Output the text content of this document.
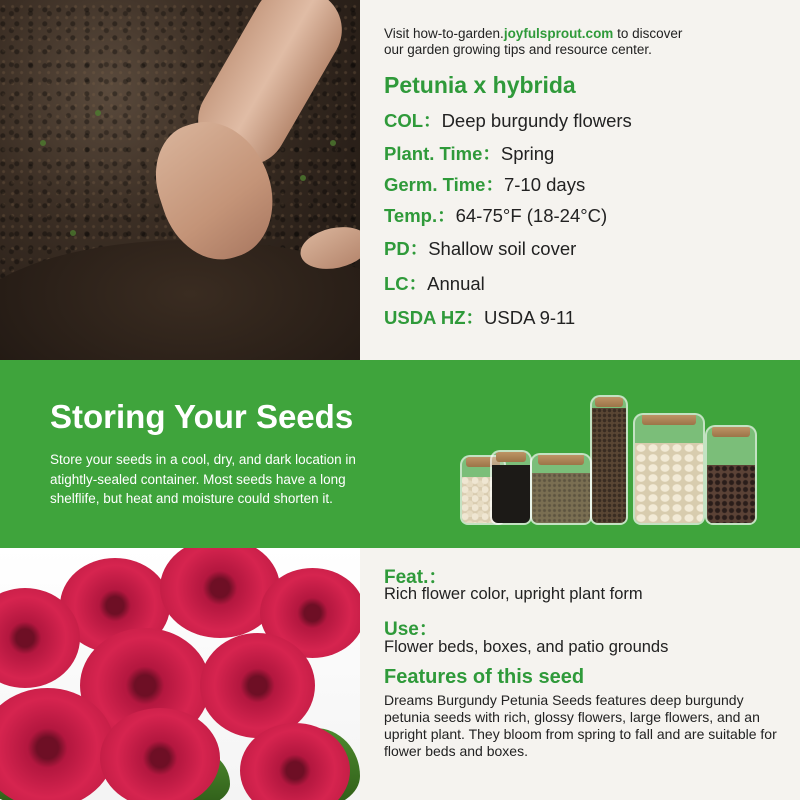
Visit how-to-garden.joyfulsprout.com to discover
our garden growing tips and resource center.

Petunia x hybrida
COL：Deep burgundy flowers
Plant. Time：Spring
Germ. Time：7-10 days
Temp.：64-75°F (18-24°C)
PD：Shallow soil cover
LC：Annual
USDA HZ：USDA 9-11
Storing Your Seeds

Store your seeds in a cool, dry, and dark location in atightly-sealed container. Most seeds have a long shelflife, but heat and moisture could shorten it.

Feat.：
Rich flower color, upright plant form
Use：
Flower beds, boxes, and patio grounds
Features of this seed

Dreams Burgundy Petunia Seeds features deep burgundy petunia seeds with rich, glossy flowers, large flowers, and an upright plant. They bloom from spring to fall and are suitable for flower beds and boxes.
